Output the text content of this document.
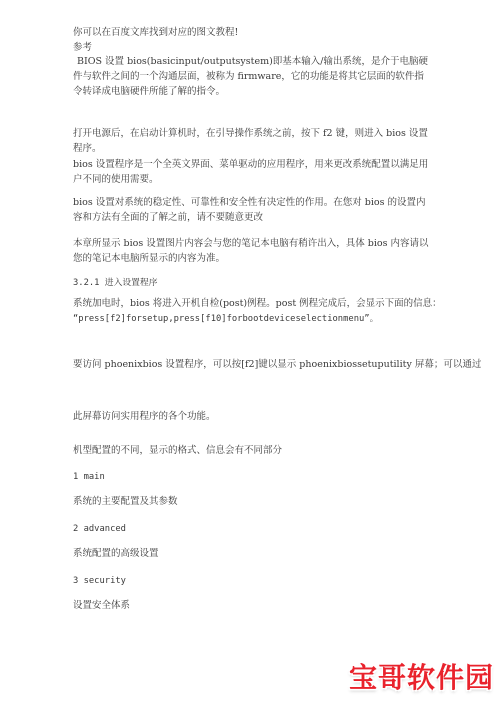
你可以在百度文库找到对应的图文教程!
参考
BIOS 设置 bios(basicinput/outputsystem)即基本输入/输出系统，是介于电脑硬件与软件之间的一个沟通层面，被称为 firmware，它的功能是将其它层面的软件指令转译成电脑硬件所能了解的指令。
打开电源后，在启动计算机时，在引导操作系统之前，按下 f2 键，则进入 bios 设置程序。
bios 设置程序是一个全英文界面、菜单驱动的应用程序，用来更改系统配置以满足用户不同的使用需要。
bios 设置对系统的稳定性、可靠性和安全性有决定性的作用。在您对 bios 的设置内容和方法有全面的了解之前，请不要随意更改
本章所显示 bios 设置图片内容会与您的笔记本电脑有稍许出入，具体 bios 内容请以您的笔记本电脑所显示的内容为准。
3.2.1 进入设置程序
系统加电时，bios 将进入开机自检(post)例程。post 例程完成后，会显示下面的信息：
“press[f2]forsetup,press[f10]forbootdeviceselectionmenu”。
要访问 phoenixbios 设置程序，可以按[f2]键以显示 phoenixbiossetuputility 屏幕；可以通过
此屏幕访问实用程序的各个功能。
机型配置的不同，显示的格式、信息会有不同部分
1 main
系统的主要配置及其参数
2 advanced
系统配置的高级设置
3 security
设置安全体系
宝哥软件园
